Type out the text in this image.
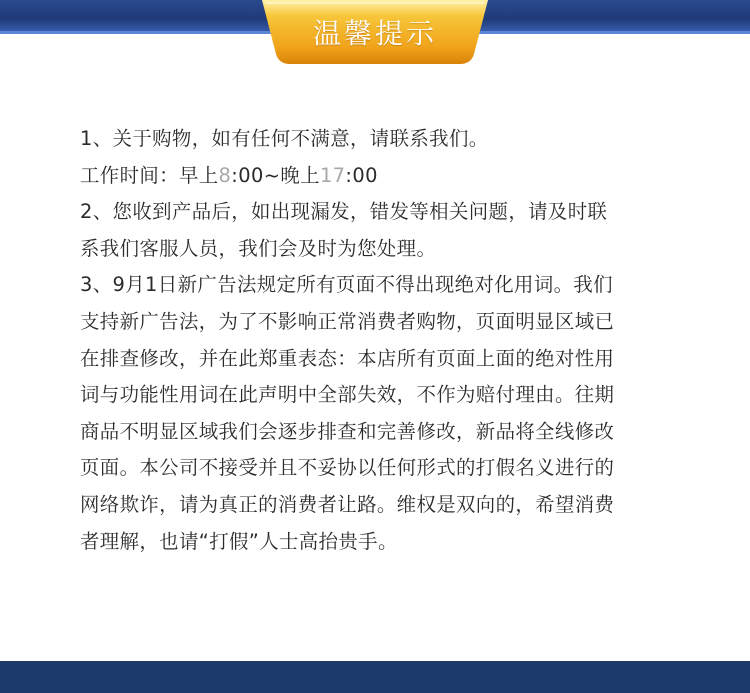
温馨提示

1、关于购物，如有任何不满意，请联系我们。

工作时间：早上8:00~晚上17:00

2、您收到产品后，如出现漏发，错发等相关问题，请及时联

系我们客服人员，我们会及时为您处理。

3、9月1日新广告法规定所有页面不得出现绝对化用词。我们

支持新广告法，为了不影响正常消费者购物，页面明显区域已

在排查修改，并在此郑重表态：本店所有页面上面的绝对性用

词与功能性用词在此声明中全部失效，不作为赔付理由。往期

商品不明显区域我们会逐步排查和完善修改，新品将全线修改

页面。本公司不接受并且不妥协以任何形式的打假名义进行的

网络欺诈，请为真正的消费者让路。维权是双向的，希望消费

者理解，也请“打假”人士高抬贵手。
